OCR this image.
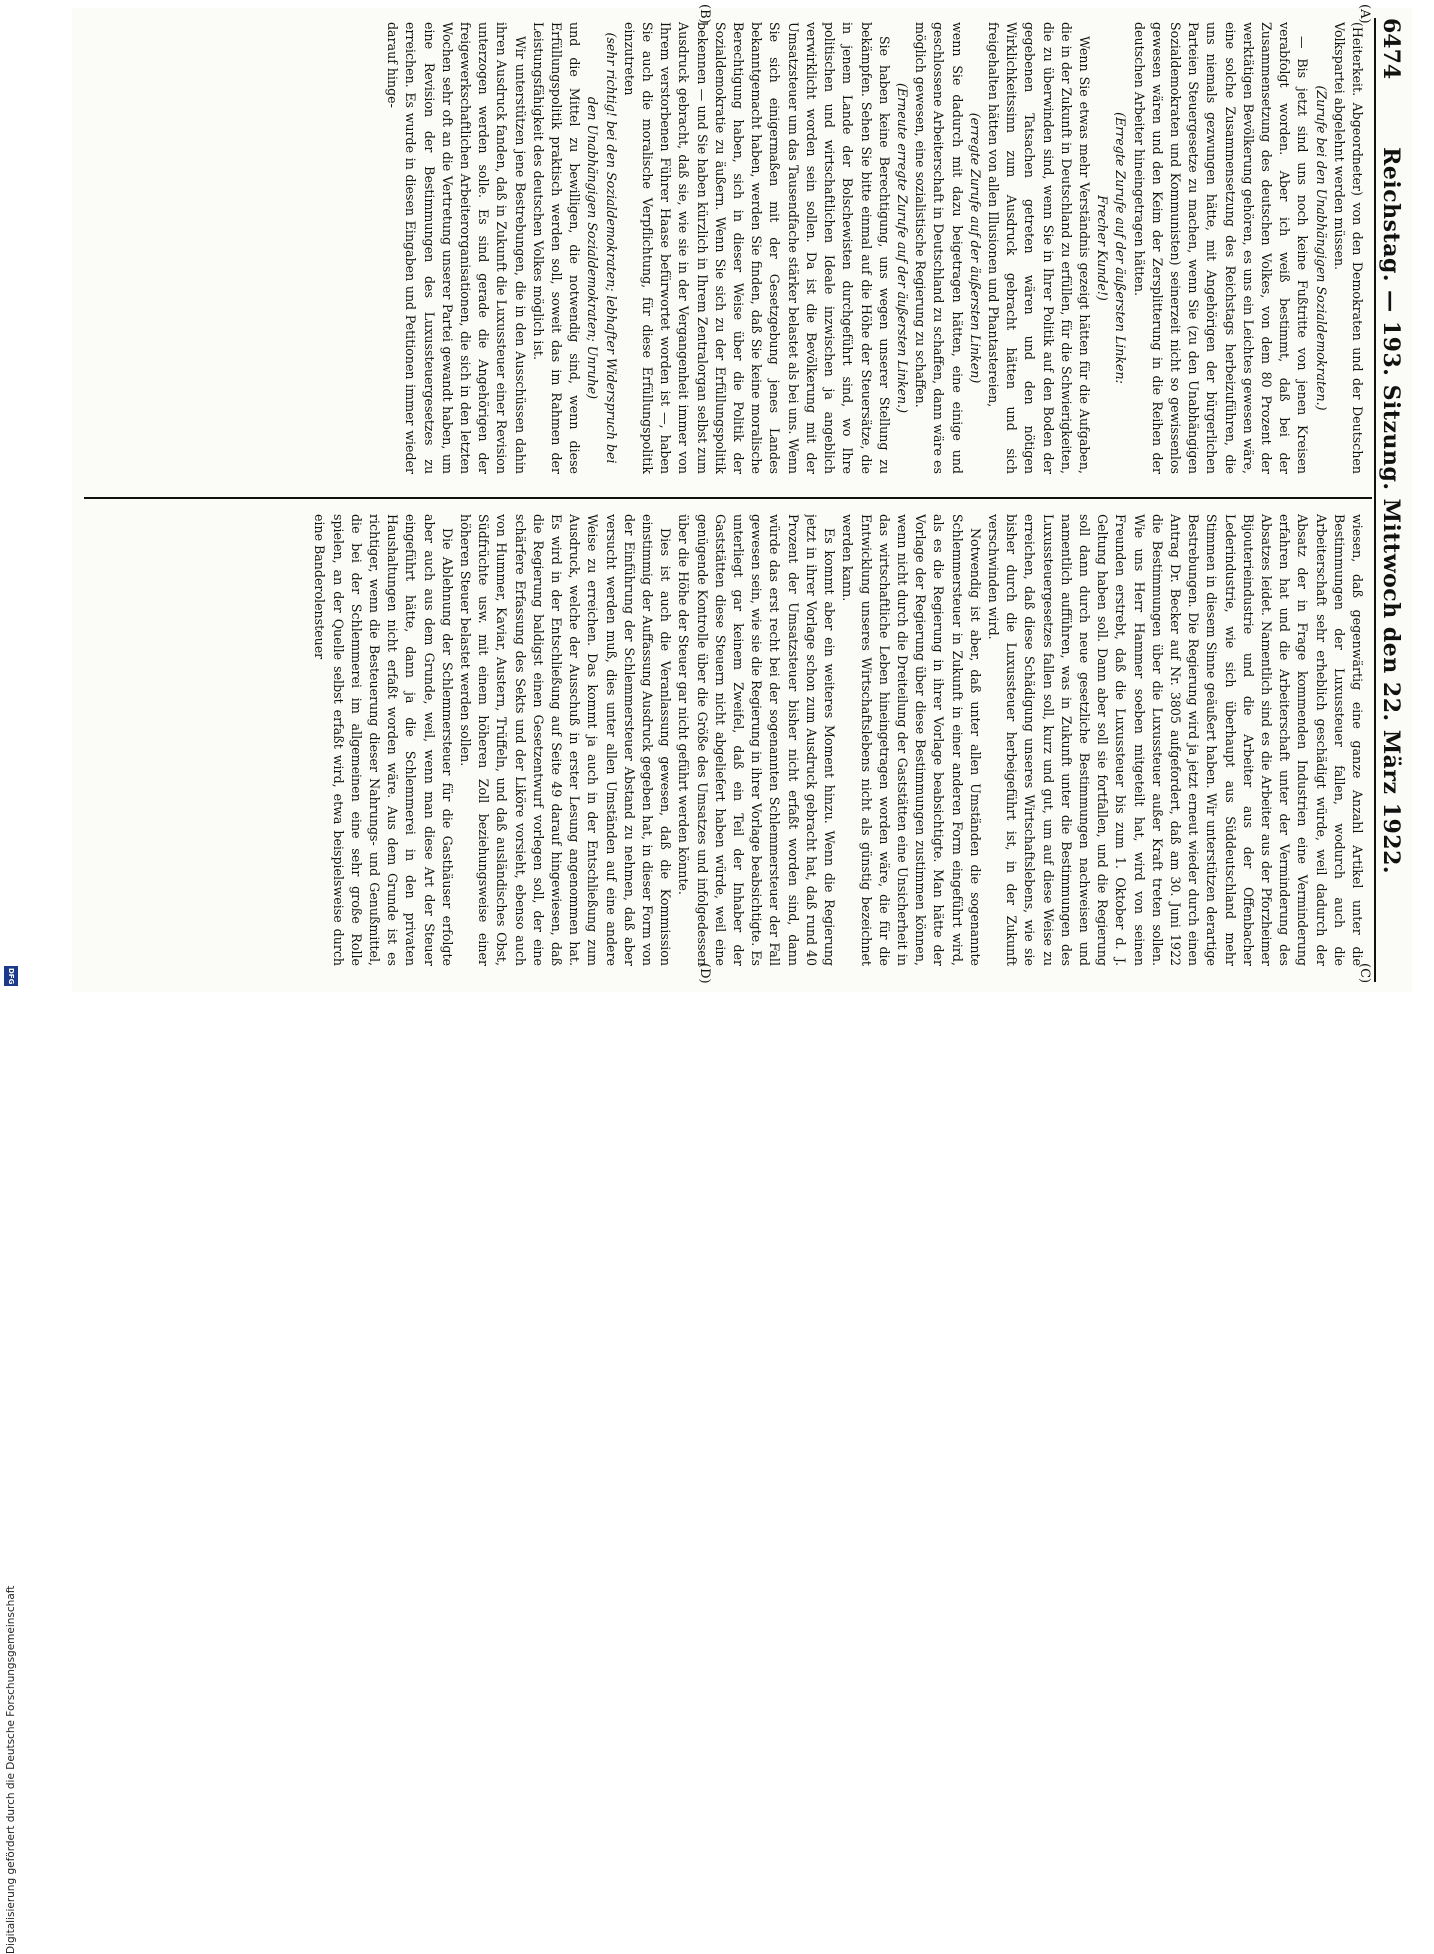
6474
Reichstag. — 193. Sitzung. Mittwoch den 22. März 1922.
(A)
(B)
(C)
(D)

(Heiterkeit. Abgeordneter) von den Demokraten und der Deutschen Volkspartei abgelehnt werden müssen.

(Zurufe bei den Unabhängigen Sozialdemokraten.)

— Bis jetzt sind uns noch keine Fußtritte von jenen Kreisen verabfolgt worden. Aber ich weiß bestimmt, daß bei der Zusammensetzung des deutschen Volkes, von dem 80 Prozent der werktätigen Bevölkerung gehören, es uns ein Leichtes gewesen wäre, eine solche Zusammensetzung des Reichstags herbeizuführen, die uns niemals gezwungen hätte, mit Angehörigen der bürgerlichen Parteien Steuergesetze zu machen, wenn Sie (zu den Unabhängigen Sozialdemokraten und Kommunisten) seinerzeit nicht so gewissenlos gewesen wären und den Keim der Zersplitterung in die Reihen der deutschen Arbeiter hineingetragen hätten.

(Erregte Zurufe auf der äußersten Linken:

Frecher Kunde!)

Wenn Sie etwas mehr Verständnis gezeigt hätten für die Aufgaben, die in der Zukunft in Deutschland zu erfüllen, für die Schwierigkeiten, die zu überwinden sind, wenn Sie in Ihrer Politik auf den Boden der gegebenen Tatsachen getreten wären und den nötigen Wirklichkeitssinn zum Ausdruck gebracht hätten und sich freigehalten hätten von allen Illusionen und Phantastereien,

(erregte Zurufe auf der äußersten Linken)

wenn Sie dadurch mit dazu beigetragen hätten, eine einige und geschlossene Arbeiterschaft in Deutschland zu schaffen, dann wäre es möglich gewesen, eine sozialistische Regierung zu schaffen.

(Erneute erregte Zurufe auf der äußersten Linken.)

Sie haben keine Berechtigung, uns wegen unserer Stellung zu bekämpfen. Sehen Sie bitte einmal auf die Höhe der Steuersätze, die in jenem Lande der Bolschewisten durchgeführt sind, wo Ihre politischen und wirtschaftlichen Ideale inzwischen ja angeblich verwirklicht worden sein sollen. Da ist die Bevölkerung mit der Umsatzsteuer um das Tausendfache stärker belastet als bei uns. Wenn Sie sich einigermaßen mit der Gesetzgebung jenes Landes bekanntgemacht haben, werden Sie finden, daß Sie keine moralische Berechtigung haben, sich in dieser Weise über die Politik der Sozialdemokratie zu äußern. Wenn Sie sich zu der Erfüllungspolitik bekennen — und Sie haben kürzlich in Ihrem Zentralorgan selbst zum Ausdruck gebracht, daß sie, wie sie in der Vergangenheit immer von Ihrem verstorbenen Führer Haase befürwortet worden ist —, haben Sie auch die moralische Verpflichtung, für diese Erfüllungspolitik einzutreten

(sehr richtig! bei den Sozialdemokraten; lebhafter Widerspruch bei den Unabhängigen Sozialdemokraten; Unruhe)

und die Mittel zu bewilligen, die notwendig sind, wenn diese Erfüllungspolitik praktisch werden soll, soweit das im Rahmen der Leistungsfähigkeit des deutschen Volkes möglich ist.

Wir unterstützen jene Bestrebungen, die in den Ausschüssen dahin ihren Ausdruck fanden, daß in Zukunft die Luxussteuer einer Revision unterzogen werden solle. Es sind gerade die Angehörigen der freigewerkschaftlichen Arbeiterorganisationen, die sich in den letzten Wochen sehr oft an die Vertretung unserer Partei gewandt haben, um eine Revision der Bestimmungen des Luxussteuergesetzes zu erreichen. Es wurde in diesen Eingaben und Petitionen immer wieder darauf hinge-

wiesen, daß gegenwärtig eine ganze Anzahl Artikel unter die Bestimmungen der Luxussteuer fallen, wodurch auch die Arbeiterschaft sehr erheblich geschädigt würde, weil dadurch der Absatz der in Frage kommenden Industrien eine Verminderung erfahren hat und die Arbeiterschaft unter der Verminderung des Absatzes leidet. Namentlich sind es die Arbeiter aus der Pforzheimer Bijouterieindustrie und die Arbeiter aus der Offenbacher Lederindustrie, wie sich überhaupt aus Süddeutschland mehr Stimmen in diesem Sinne geäußert haben. Wir unterstützen derartige Bestrebungen. Die Regierung wird ja jetzt erneut wieder durch einen Antrag Dr. Becker auf Nr. 3805 aufgefordert, daß am 30. Juni 1922 die Bestimmungen über die Luxussteuer außer Kraft treten sollen. Wie uns Herr Hammer soeben mitgeteilt hat, wird von seinen Freunden erstrebt, daß die Luxussteuer bis zum 1. Oktober d. J. Geltung haben soll. Dann aber soll sie fortfallen, und die Regierung soll dann durch neue gesetzliche Bestimmungen nachweisen und namentlich aufführen, was in Zukunft unter die Bestimmungen des Luxussteuergesetzes fallen soll, kurz und gut, um auf diese Weise zu erreichen, daß diese Schädigung unseres Wirtschaftslebens, wie sie bisher durch die Luxussteuer herbeigeführt ist, in der Zukunft verschwinden wird.

Notwendig ist aber, daß unter allen Umständen die sogenannte Schlemmersteuer in Zukunft in einer anderen Form eingeführt wird, als es die Regierung in ihrer Vorlage beabsichtigte. Man hätte der Vorlage der Regierung über diese Bestimmungen zustimmen können, wenn nicht durch die Dreiteilung der Gaststätten eine Unsicherheit in das wirtschaftliche Leben hineingetragen worden wäre, die für die Entwicklung unseres Wirtschaftslebens nicht als günstig bezeichnet werden kann.

Es kommt aber ein weiteres Moment hinzu. Wenn die Regierung jetzt in ihrer Vorlage schon zum Ausdruck gebracht hat, daß rund 40 Prozent der Umsatzsteuer bisher nicht erfaßt worden sind, dann würde das erst recht bei der sogenannten Schlemmersteuer der Fall gewesen sein, wie sie die Regierung in ihrer Vorlage beabsichtigte. Es unterliegt gar keinem Zweifel, daß ein Teil der Inhaber der Gaststätten diese Steuern nicht abgeliefert haben würde, weil eine genügende Kontrolle über die Größe des Umsatzes und infolgedessen über die Höhe der Steuer gar nicht geführt werden könnte.

Dies ist auch die Veranlassung gewesen, daß die Kommission einstimmig der Auffassung Ausdruck gegeben hat, in dieser Form von der Einführung der Schlemmersteuer Abstand zu nehmen, daß aber versucht werden muß, dies unter allen Umständen auf eine andere Weise zu erreichen. Das kommt ja auch in der Entschließung zum Ausdruck, welche der Ausschuß in erster Lesung angenommen hat. Es wird in der Entschließung auf Seite 49 darauf hingewiesen, daß die Regierung baldigst einen Gesetzentwurf vorlegen soll, der eine schärfere Erfassung des Sekts und der Liköre vorsieht, ebenso auch von Hummer, Kaviar, Austern, Trüffeln, und daß ausländisches Obst, Südfrüchte usw. mit einem höheren Zoll beziehungsweise einer höheren Steuer belastet werden sollen.

Die Ablehnung der Schlemmersteuer für die Gasthäuser erfolgte aber auch aus dem Grunde, weil, wenn man diese Art der Steuer eingeführt hätte, dann ja die Schlemmerei in den privaten Haushaltungen nicht erfaßt worden wäre. Aus dem Grunde ist es richtiger, wenn die Besteuerung dieser Nahrungs- und Genußmittel, die bei der Schlemmerei im allgemeinen eine sehr große Rolle spielen, an der Quelle selbst erfaßt wird, etwa beispielsweise durch eine Banderolensteuer

Digitalisierung gefördert durch die Deutsche Forschungsgemeinschaft
DFG
